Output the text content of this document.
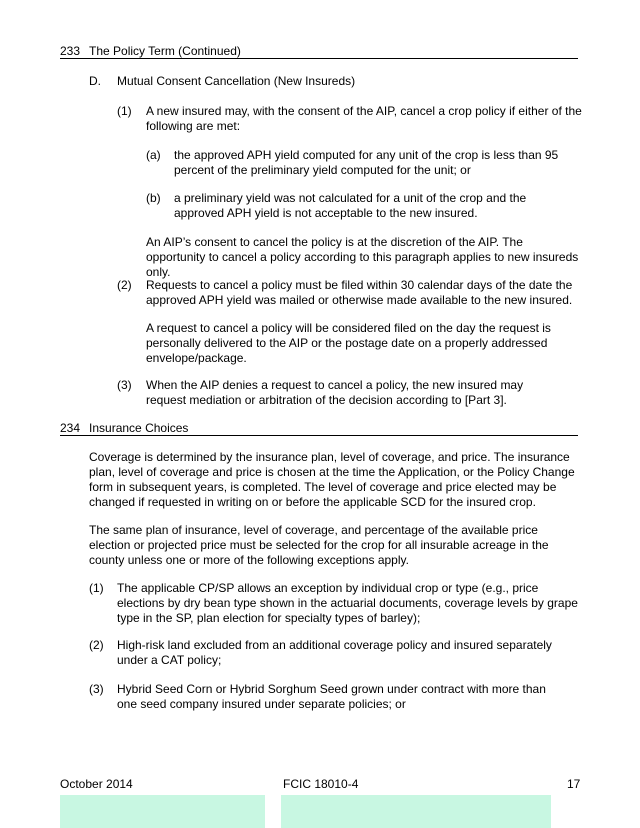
233 The Policy Term (Continued)
D. Mutual Consent Cancellation (New Insureds)
(1) A new insured may, with the consent of the AIP, cancel a crop policy if either of the following are met:
(a) the approved APH yield computed for any unit of the crop is less than 95 percent of the preliminary yield computed for the unit; or
(b) a preliminary yield was not calculated for a unit of the crop and the approved APH yield is not acceptable to the new insured.
An AIP’s consent to cancel the policy is at the discretion of the AIP. The opportunity to cancel a policy according to this paragraph applies to new insureds only.
(2) Requests to cancel a policy must be filed within 30 calendar days of the date the approved APH yield was mailed or otherwise made available to the new insured.
A request to cancel a policy will be considered filed on the day the request is personally delivered to the AIP or the postage date on a properly addressed envelope/package.
(3) When the AIP denies a request to cancel a policy, the new insured may request mediation or arbitration of the decision according to [Part 3].
234 Insurance Choices
Coverage is determined by the insurance plan, level of coverage, and price. The insurance plan, level of coverage and price is chosen at the time the Application, or the Policy Change form in subsequent years, is completed. The level of coverage and price elected may be changed if requested in writing on or before the applicable SCD for the insured crop.
The same plan of insurance, level of coverage, and percentage of the available price election or projected price must be selected for the crop for all insurable acreage in the county unless one or more of the following exceptions apply.
(1) The applicable CP/SP allows an exception by individual crop or type (e.g., price elections by dry bean type shown in the actuarial documents, coverage levels by grape type in the SP, plan election for specialty types of barley);
(2) High-risk land excluded from an additional coverage policy and insured separately under a CAT policy;
(3) Hybrid Seed Corn or Hybrid Sorghum Seed grown under contract with more than one seed company insured under separate policies; or
October 2014	FCIC 18010-4	17
